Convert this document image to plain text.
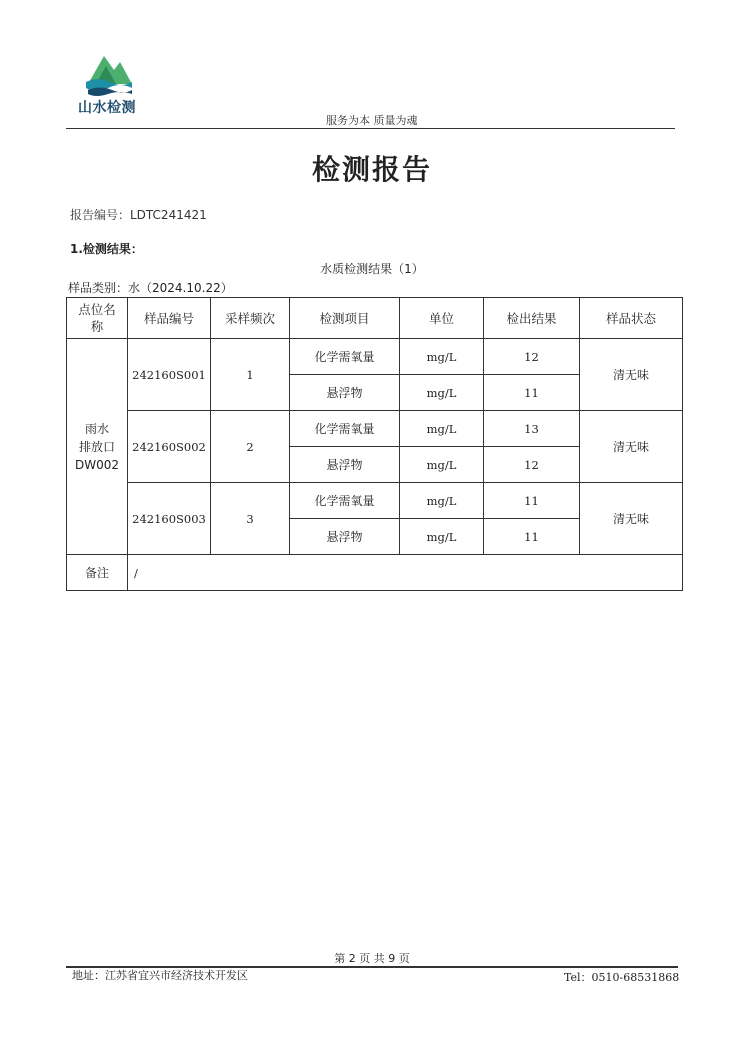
山水检测
服务为本 质量为魂
检测报告
报告编号：LDTC241421
1.检测结果：
水质检测结果（1）
样品类别：水（2024.10.22）
点位名
称	样品编号	采样频次	检测项目	单位	检出结果	样品状态

雨水
排放口
DW002	242160S001	1	化学需氧量	mg/L	12	清无味
			悬浮物	mg/L	11	
	242160S002	2	化学需氧量	mg/L	13	清无味
			悬浮物	mg/L	12	
	242160S003	3	化学需氧量	mg/L	11	清无味
			悬浮物	mg/L	11	
备注	/					
第 2 页 共 9 页
地址：江苏省宜兴市经济技术开发区	Tel：0510-68531868
